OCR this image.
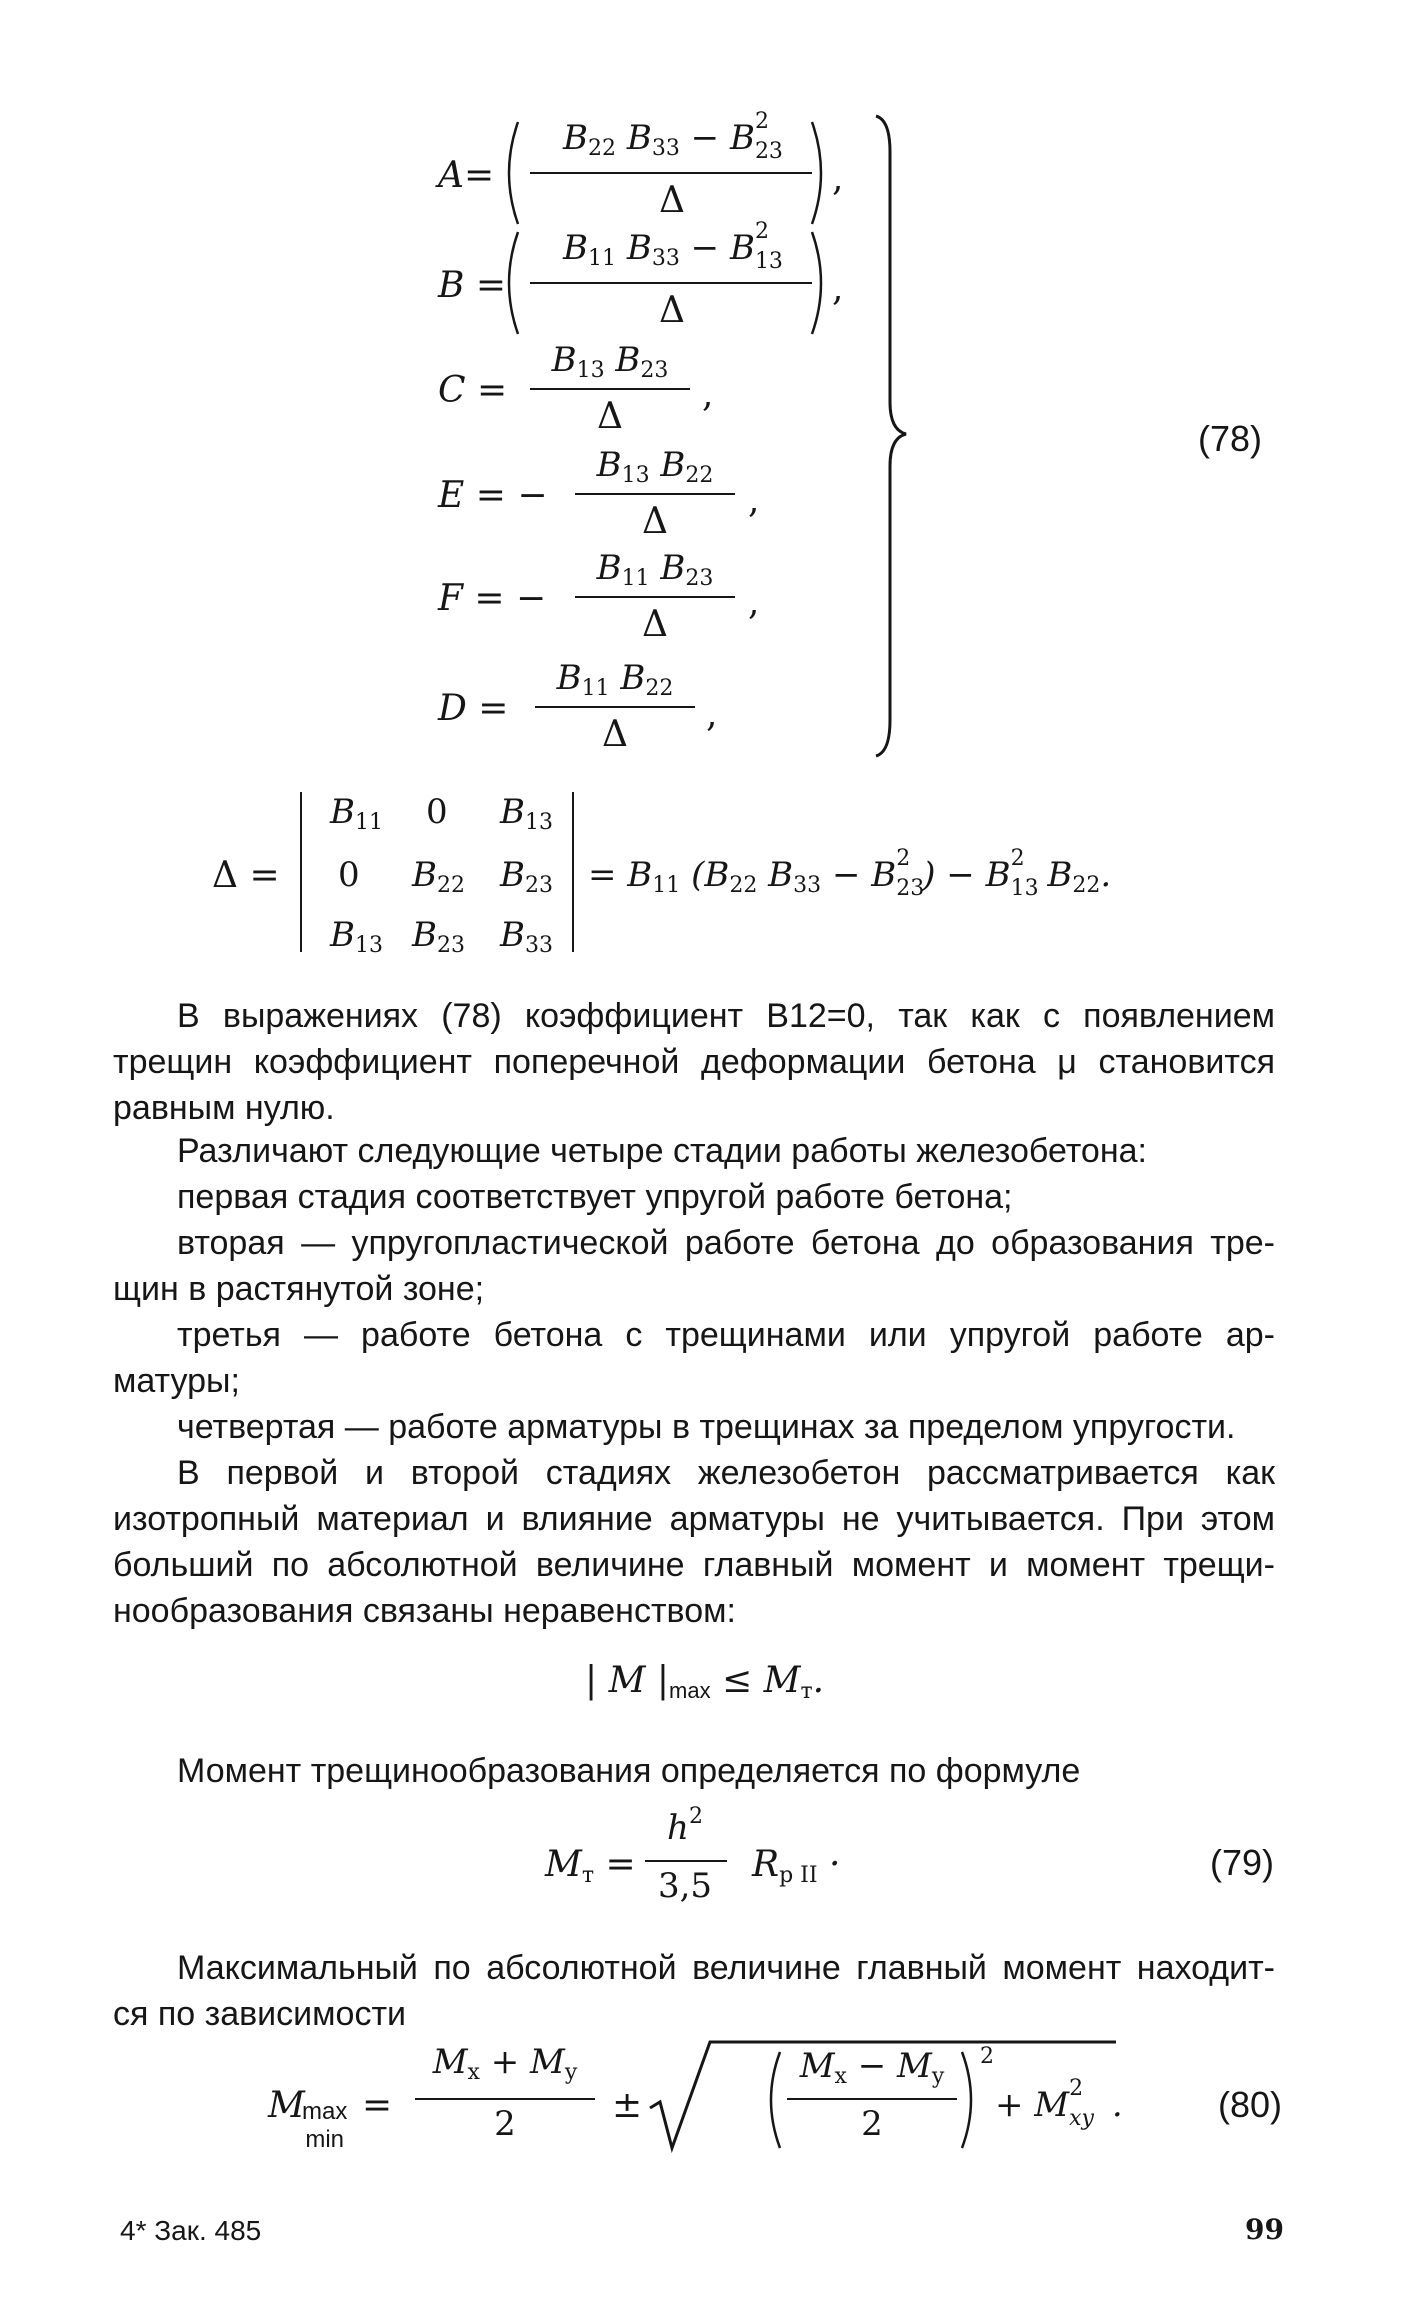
A=
$B_{22}$ $B_{33} - B$ 2
23
Δ
,
B =
$B_{11}$ $B_{33} - B$ 2
13
Δ
,
C =
$B_{13}$ $B_{23}$
Δ
,
E = −
$B_{13}$ $B_{22}$
Δ
,
F = −
$B_{11}$ $B_{23}$
Δ
,
D =
$B_{11}$ $B_{22}$
Δ	,
(78)
Δ =
$B_{11}$ 0 $B_{13}$
0 $B_{22}$ $B_{23}$
$B_{13}$ $B_{23}$ $B_{33}$
= $B_{11}$ ($B_{22}$ $B_{33} - B$ 2
23
) − B 2
13
$B_{22}$.
В выражениях (78) коэффициент B12=0, так как с появлением
трещин коэффициент поперечной деформации бетона μ становится
равным нулю.
Различают следующие четыре стадии работы железобетона:
первая стадия соответствует упругой работе бетона;
вторая — упругопластической работе бетона до образования тре-
щин в растянутой зоне;
третья — работе бетона с трещинами или упругой работе ар-
матуры;
четвертая — работе арматуры в трещинах за пределом упругости.
В первой и второй стадиях железобетон рассматривается как
изотропный материал и влияние арматуры не учитывается. При этом
больший по абсолютной величине главный момент и момент трещи-
нообразования связаны неравенством:
| M $|_{max} \le M_т$.
Момент трещинообразования определяется по формуле
$M_т$ =
$h^2$
3,5
$R_{p II}$ ·	(79)
Максимальный по абсолютной величине главный момент находит-
ся по зависимости
M
max
min
=
$M_x + M_y$
2	±
$M_x - M_y$
2
2
+ M 2
xy .	(80)
4* Зак. 485	99
